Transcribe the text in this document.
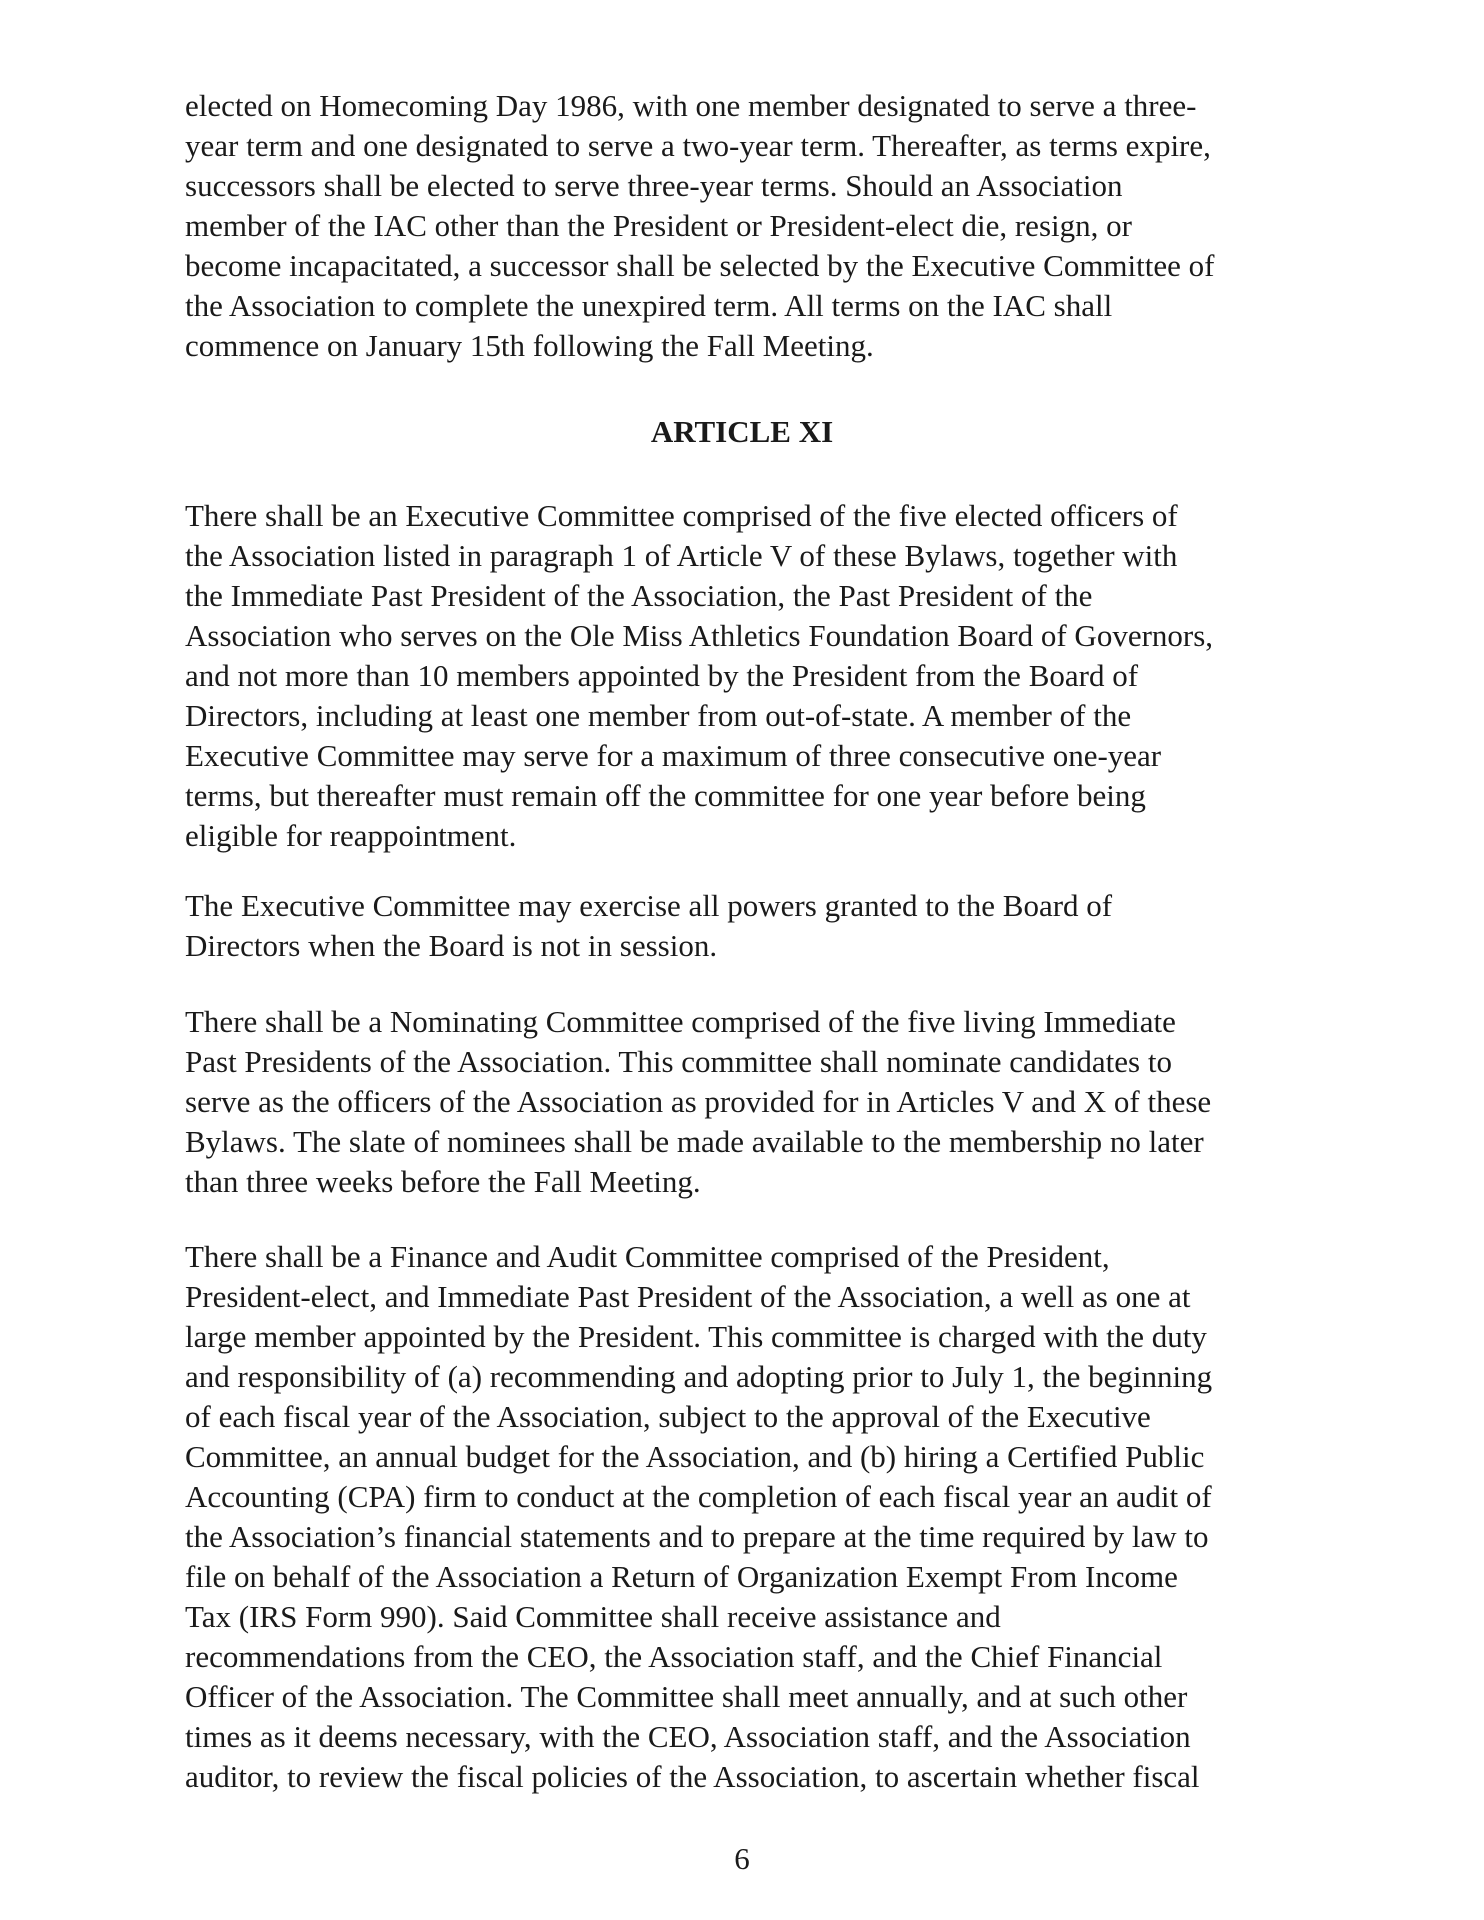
elected on Homecoming Day 1986, with one member designated to serve a three-
year term and one designated to serve a two-year term. Thereafter, as terms expire,
successors shall be elected to serve three-year terms. Should an Association
member of the IAC other than the President or President-elect die, resign, or
become incapacitated, a successor shall be selected by the Executive Committee of
the Association to complete the unexpired term. All terms on the IAC shall
commence on January 15th following the Fall Meeting.
ARTICLE XI
There shall be an Executive Committee comprised of the five elected officers of
the Association listed in paragraph 1 of Article V of these Bylaws, together with
the Immediate Past President of the Association, the Past President of the
Association who serves on the Ole Miss Athletics Foundation Board of Governors,
and not more than 10 members appointed by the President from the Board of
Directors, including at least one member from out-of-state. A member of the
Executive Committee may serve for a maximum of three consecutive one-year
terms, but thereafter must remain off the committee for one year before being
eligible for reappointment.
The Executive Committee may exercise all powers granted to the Board of
Directors when the Board is not in session.
There shall be a Nominating Committee comprised of the five living Immediate
Past Presidents of the Association. This committee shall nominate candidates to
serve as the officers of the Association as provided for in Articles V and X of these
Bylaws. The slate of nominees shall be made available to the membership no later
than three weeks before the Fall Meeting.
There shall be a Finance and Audit Committee comprised of the President,
President-elect, and Immediate Past President of the Association, a well as one at
large member appointed by the President. This committee is charged with the duty
and responsibility of (a) recommending and adopting prior to July 1, the beginning
of each fiscal year of the Association, subject to the approval of the Executive
Committee, an annual budget for the Association, and (b) hiring a Certified Public
Accounting (CPA) firm to conduct at the completion of each fiscal year an audit of
the Association’s financial statements and to prepare at the time required by law to
file on behalf of the Association a Return of Organization Exempt From Income
Tax (IRS Form 990). Said Committee shall receive assistance and
recommendations from the CEO, the Association staff, and the Chief Financial
Officer of the Association. The Committee shall meet annually, and at such other
times as it deems necessary, with the CEO, Association staff, and the Association
auditor, to review the fiscal policies of the Association, to ascertain whether fiscal
6
